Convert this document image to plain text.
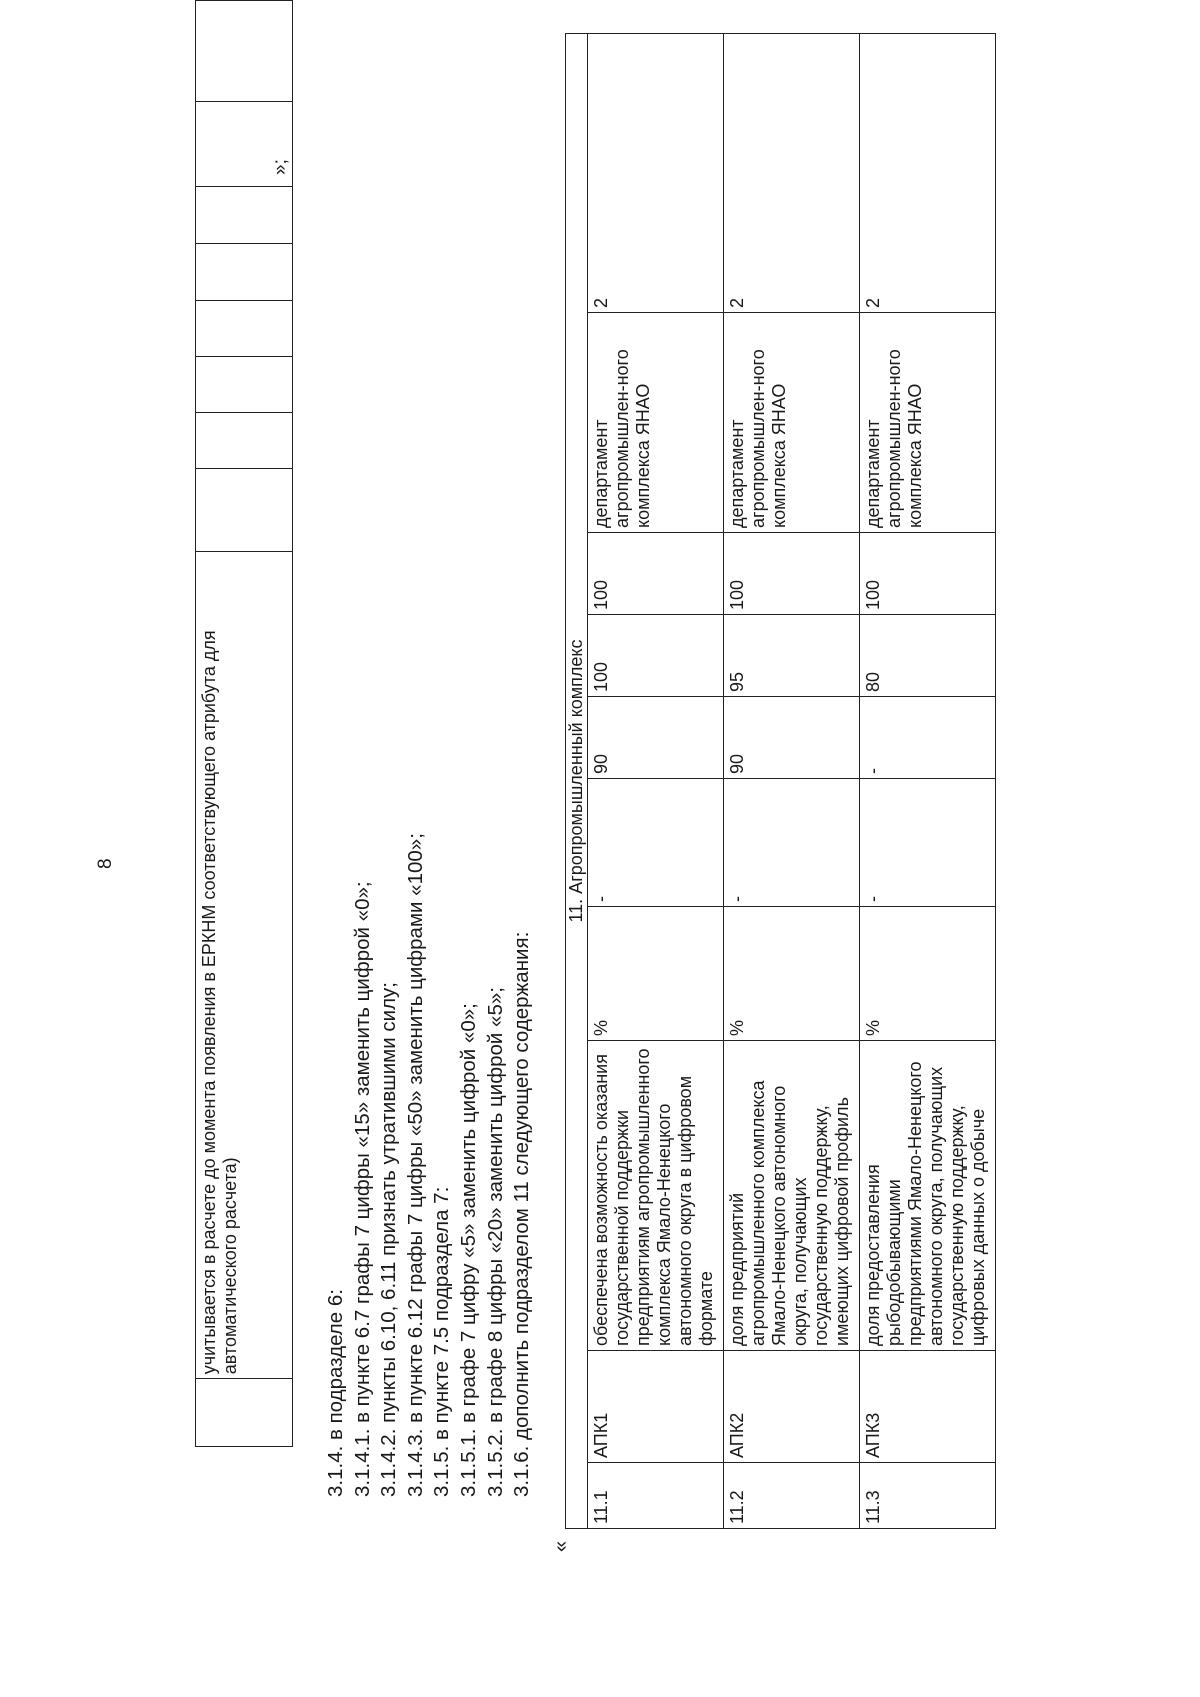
8
		учитывается в расчете до момента появления в ЕРКНМ соответствующего атрибута для автоматического расчета)

»;
3.1.4. в подразделе 6: 3.1.4.1. в пункте 6.7 графы 7 цифры «15» заменить цифрой «0»; 3.1.4.2. пункты 6.10, 6.11 признать утратившими силу; 3.1.4.3. в пункте 6.12 графы 7 цифры «50» заменить цифрами «100»; 3.1.5. в пункте 7.5 подраздела 7: 3.1.5.1. в графе 7 цифру «5» заменить цифрой «0»; 3.1.5.2. в графе 8 цифры «20» заменить цифрой «5»; 3.1.6. дополнить подразделом 11 следующего содержания:
«
11. Агропромышленный комплекс									

11.1	АПК1	обеспечена возможность оказания государственной поддержки предприятиям агропромышленного комплекса Ямало-Ненецкого автономного округа в цифровом формате	%	-	90	100	100	департамент агропромышлен-ного комплекса ЯНАО	2

11.2	АПК2	доля предприятий агропромышленного комплекса Ямало-Ненецкого автономного округа, получающих государственную поддержку, имеющих цифровой профиль	%	-	90	95	100	департамент агропромышлен-ного комплекса ЯНАО	2

11.3	АПК3	доля предоставления рыбодобывающими предприятиями Ямало-Ненецкого автономного округа, получающих государственную поддержку, цифровых данных о добыче	%	-	-	80	100	департамент агропромышлен-ного комплекса ЯНАО	2
